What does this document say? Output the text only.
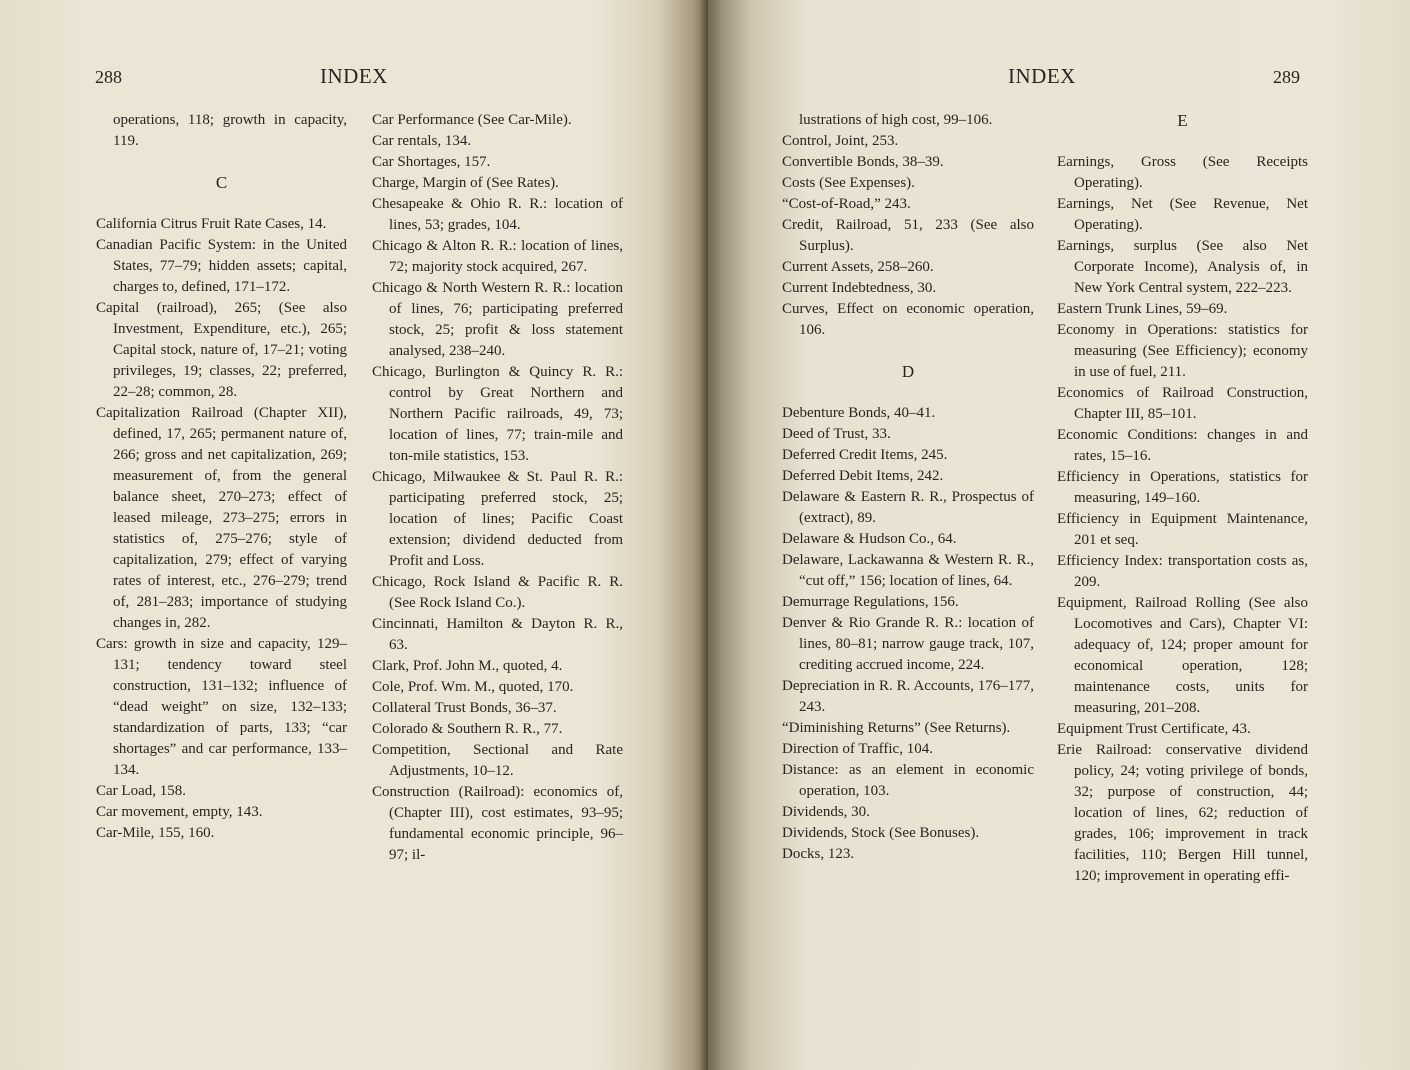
288	INDEX

operations, 118; growth in capacity, 119.

C

California Citrus Fruit Rate Cases, 14.

Canadian Pacific System: in the United States, 77–79; hidden assets; capital, charges to, defined, 171–172.

Capital (railroad), 265; (See also Investment, Expenditure, etc.), 265; Capital stock, nature of, 17–21; voting privileges, 19; classes, 22; preferred, 22–28; common, 28.

Capitalization Railroad (Chapter XII), defined, 17, 265; permanent nature of, 266; gross and net capitalization, 269; measurement of, from the general balance sheet, 270–273; effect of leased mileage, 273–275; errors in statistics of, 275–276; style of capitalization, 279; effect of varying rates of interest, etc., 276–279; trend of, 281–283; importance of studying changes in, 282.

Cars: growth in size and capacity, 129–131; tendency toward steel construction, 131–132; influence of “dead weight” on size, 132–133; standardization of parts, 133; “car shortages” and car performance, 133–134.

Car Load, 158.

Car movement, empty, 143.

Car-Mile, 155, 160.

Car Performance (See Car-Mile).

Car rentals, 134.

Car Shortages, 157.

Charge, Margin of (See Rates).

Chesapeake & Ohio R. R.: location of lines, 53; grades, 104.

Chicago & Alton R. R.: location of lines, 72; majority stock acquired, 267.

Chicago & North Western R. R.: location of lines, 76; participating preferred stock, 25; profit & loss statement analysed, 238–240.

Chicago, Burlington & Quincy R. R.: control by Great Northern and Northern Pacific railroads, 49, 73; location of lines, 77; train-mile and ton-mile statistics, 153.

Chicago, Milwaukee & St. Paul R. R.: participating preferred stock, 25; location of lines; Pacific Coast extension; dividend deducted from Profit and Loss.

Chicago, Rock Island & Pacific R. R. (See Rock Island Co.).

Cincinnati, Hamilton & Dayton R. R., 63.

Clark, Prof. John M., quoted, 4.

Cole, Prof. Wm. M., quoted, 170.

Collateral Trust Bonds, 36–37.

Colorado & Southern R. R., 77.

Competition, Sectional and Rate Adjustments, 10–12.

Construction (Railroad): economics of, (Chapter III), cost estimates, 93–95; fundamental economic principle, 96–97; il-

INDEX	289

lustrations of high cost, 99–106.

Control, Joint, 253.

Convertible Bonds, 38–39.

Costs (See Expenses).

“Cost-of-Road,” 243.

Credit, Railroad, 51, 233 (See also Surplus).

Current Assets, 258–260.

Current Indebtedness, 30.

Curves, Effect on economic operation, 106.

D

Debenture Bonds, 40–41.

Deed of Trust, 33.

Deferred Credit Items, 245.

Deferred Debit Items, 242.

Delaware & Eastern R. R., Prospectus of (extract), 89.

Delaware & Hudson Co., 64.

Delaware, Lackawanna & Western R. R., “cut off,” 156; location of lines, 64.

Demurrage Regulations, 156.

Denver & Rio Grande R. R.: location of lines, 80–81; narrow gauge track, 107, crediting accrued income, 224.

Depreciation in R. R. Accounts, 176–177, 243.

“Diminishing Returns” (See Returns).

Direction of Traffic, 104.

Distance: as an element in economic operation, 103.

Dividends, 30.

Dividends, Stock (See Bonuses).

Docks, 123.

E

Earnings, Gross (See Receipts Operating).

Earnings, Net (See Revenue, Net Operating).

Earnings, surplus (See also Net Corporate Income), Analysis of, in New York Central system, 222–223.

Eastern Trunk Lines, 59–69.

Economy in Operations: statistics for measuring (See Efficiency); economy in use of fuel, 211.

Economics of Railroad Construction, Chapter III, 85–101.

Economic Conditions: changes in and rates, 15–16.

Efficiency in Operations, statistics for measuring, 149–160.

Efficiency in Equipment Maintenance, 201 et seq.

Efficiency Index: transportation costs as, 209.

Equipment, Railroad Rolling (See also Locomotives and Cars), Chapter VI: adequacy of, 124; proper amount for economical operation, 128; maintenance costs, units for measuring, 201–208.

Equipment Trust Certificate, 43.

Erie Railroad: conservative dividend policy, 24; voting privilege of bonds, 32; purpose of construction, 44; location of lines, 62; reduction of grades, 106; improvement in track facilities, 110; Bergen Hill tunnel, 120; improvement in operating effi-
